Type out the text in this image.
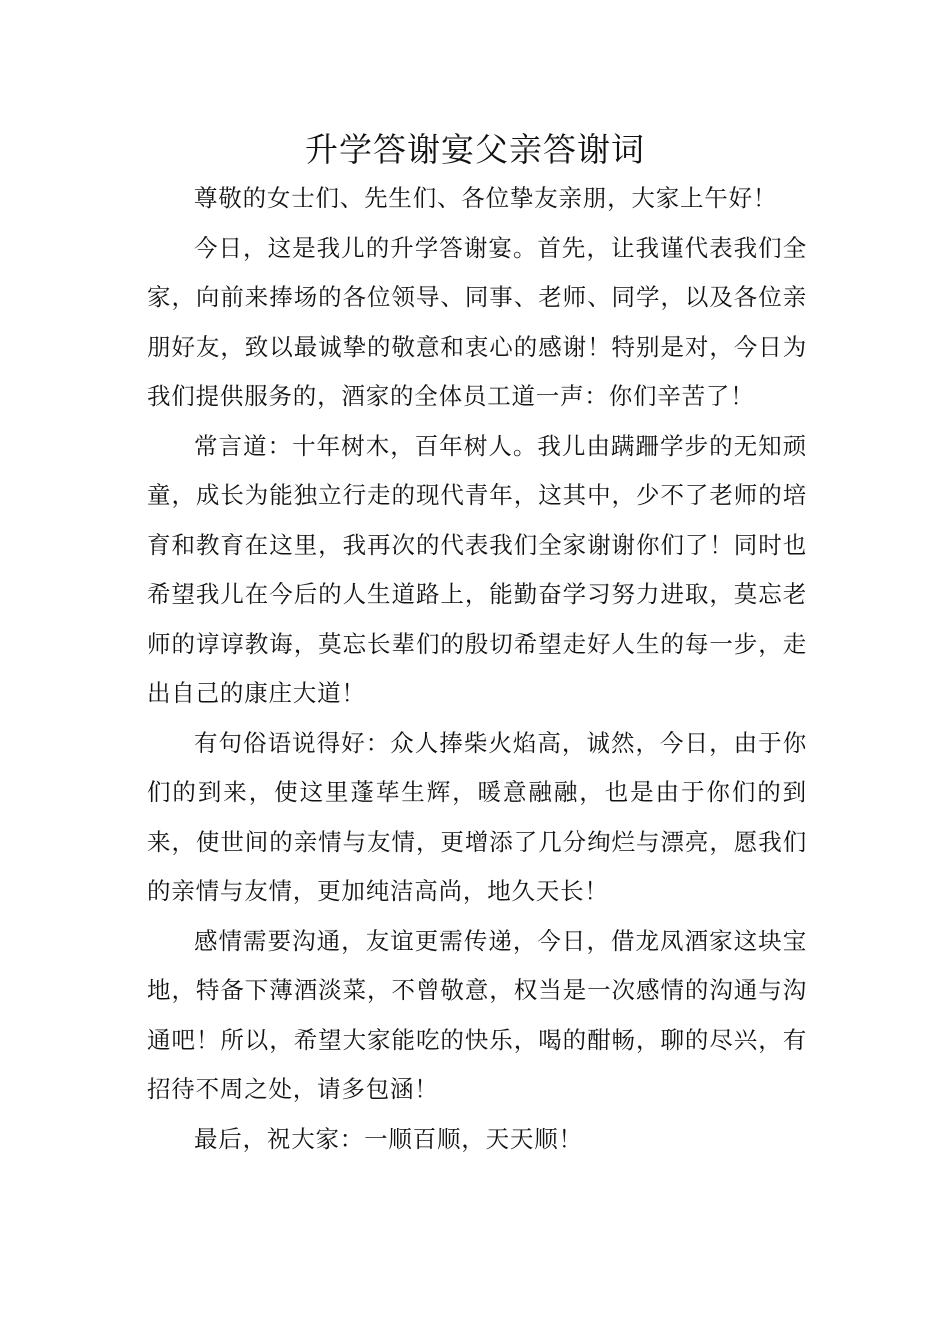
升学答谢宴父亲答谢词

尊敬的女士们、先生们、各位挚友亲朋，大家上午好！

今日，这是我儿的升学答谢宴。首先，让我谨代表我们全家，向前来捧场的各位领导、同事、老师、同学，以及各位亲朋好友，致以最诚挚的敬意和衷心的感谢！特别是对，今日为我们提供服务的，酒家的全体员工道一声：你们辛苦了！

常言道：十年树木，百年树人。我儿由蹒跚学步的无知顽童，成长为能独立行走的现代青年，这其中，少不了老师的培育和教育在这里，我再次的代表我们全家谢谢你们了！同时也希望我儿在今后的人生道路上，能勤奋学习努力进取，莫忘老师的谆谆教诲，莫忘长辈们的殷切希望走好人生的每一步，走出自己的康庄大道！

有句俗语说得好：众人捧柴火焰高，诚然，今日，由于你们的到来，使这里蓬荜生辉，暖意融融，也是由于你们的到来，使世间的亲情与友情，更增添了几分绚烂与漂亮，愿我们的亲情与友情，更加纯洁高尚，地久天长！

感情需要沟通，友谊更需传递，今日，借龙凤酒家这块宝地，特备下薄酒淡菜，不曾敬意，权当是一次感情的沟通与沟通吧！所以，希望大家能吃的快乐，喝的酣畅，聊的尽兴，有招待不周之处，请多包涵！

最后，祝大家：一顺百顺，天天顺！
